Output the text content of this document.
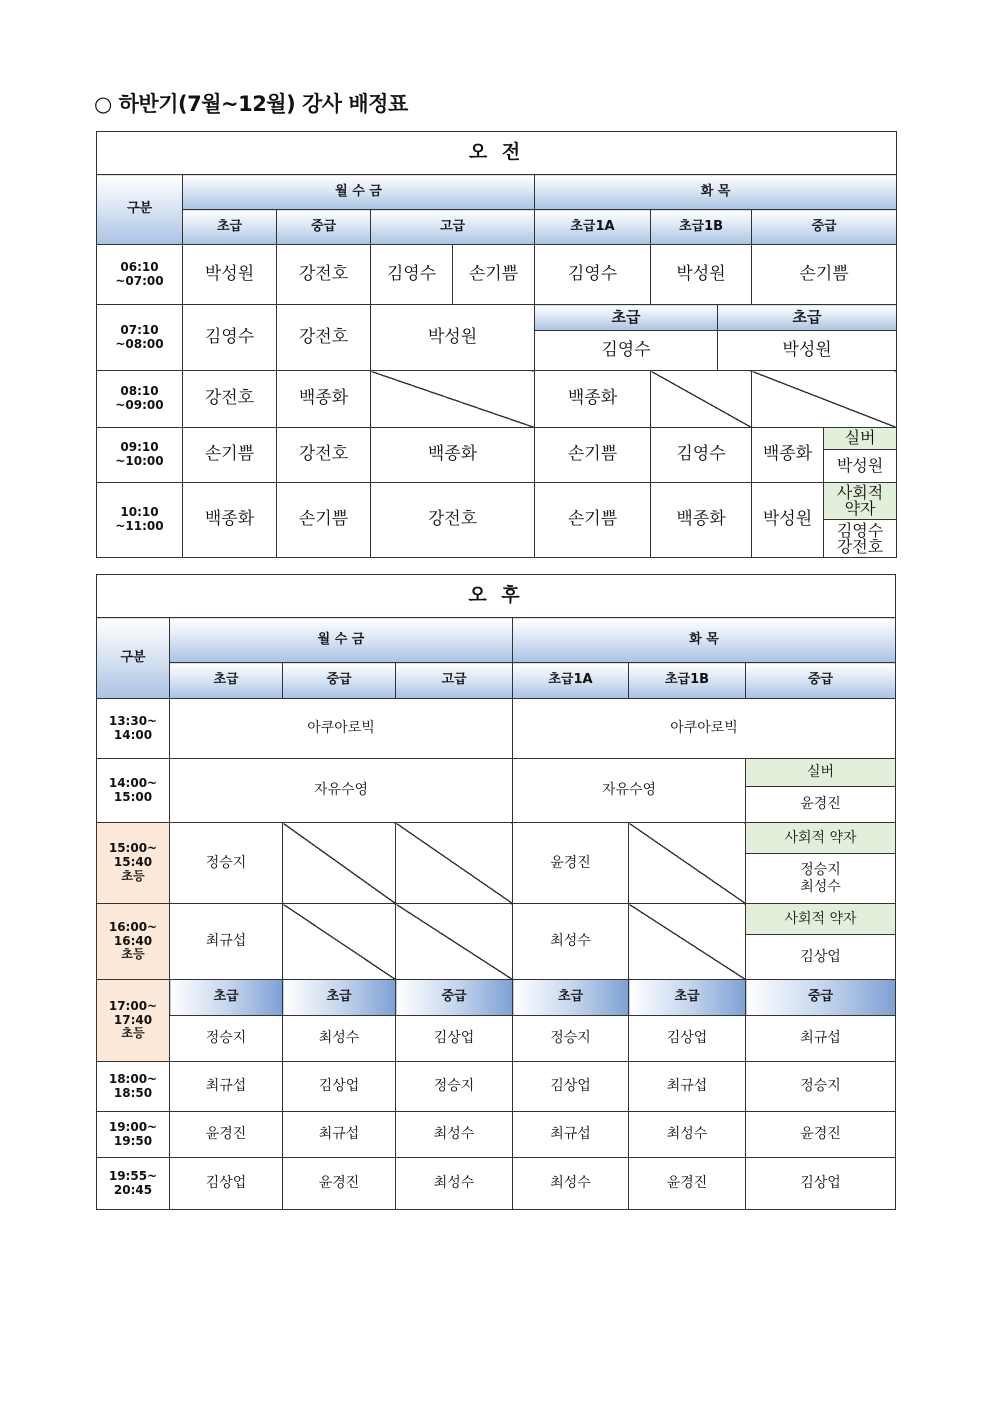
○ 하반기(7월~12월) 강사 배정표
오 전									
구분	월 수 금				화 목				
	초급	중급	고급		초급1A	초급1B		중급	
06:10
~07:00	박성원	강전호	김영수	손기쁨	김영수	박성원		손기쁨	
07:10
~08:00	김영수	강전호	박성원		초급		초급		
					김영수		박성원		
08:10
~09:00	강전호	백종화			백종화				
09:10
~10:00	손기쁨	강전호	백종화		손기쁨	김영수		백종화	실버
									박성원
10:10
~11:00	백종화	손기쁨	강전호		손기쁨	백종화		박성원	사회적
약자
									김영수
강전호
오 후						
구분	월 수 금			화 목		
	초급	중급	고급	초급1A	초급1B	중급
13:30~
14:00	아쿠아로빅			아쿠아로빅		
14:00~
15:00	자유수영			자유수영		실버
						윤경진
15:00~
15:40
초등	정승지			윤경진		사회적 약자
						정승지
최성수
16:00~
16:40
초등	최규섭			최성수		사회적 약자
						김상업
17:00~
17:40
초등	초급	초급	중급	초급	초급	중급
	정승지	최성수	김상업	정승지	김상업	최규섭
18:00~
18:50	최규섭	김상업	정승지	김상업	최규섭	정승지
19:00~
19:50	윤경진	최규섭	최성수	최규섭	최성수	윤경진
19:55~
20:45	김상업	윤경진	최성수	최성수	윤경진	김상업
